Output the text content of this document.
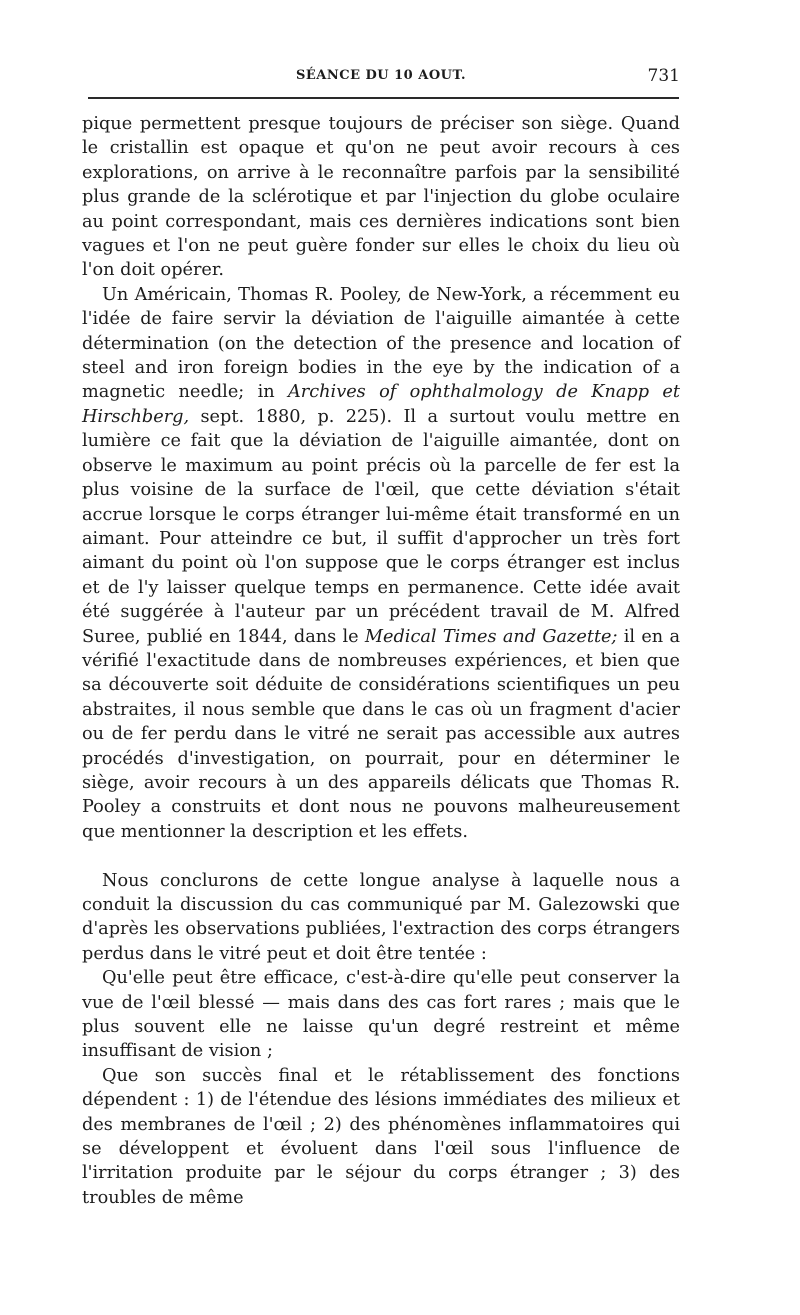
SÉANCE DU 10 AOUT.	731

pique permettent presque toujours de préciser son siège. Quand le cristallin est opaque et qu'on ne peut avoir recours à ces explorations, on arrive à le reconnaître parfois par la sensibilité plus grande de la sclérotique et par l'injection du globe oculaire au point correspondant, mais ces dernières indications sont bien vagues et l'on ne peut guère fonder sur elles le choix du lieu où l'on doit opérer.

Un Américain, Thomas R. Pooley, de New-York, a récemment eu l'idée de faire servir la déviation de l'aiguille aimantée à cette détermination (on the detection of the presence and location of steel and iron foreign bodies in the eye by the indication of a magnetic needle; in Archives of ophthalmology de Knapp et Hirschberg, sept. 1880, p. 225). Il a surtout voulu mettre en lumière ce fait que la déviation de l'aiguille aimantée, dont on observe le maximum au point précis où la parcelle de fer est la plus voisine de la surface de l'œil, que cette déviation s'était accrue lorsque le corps étranger lui-même était transformé en un aimant. Pour atteindre ce but, il suffit d'approcher un très fort aimant du point où l'on suppose que le corps étranger est inclus et de l'y laisser quelque temps en permanence. Cette idée avait été suggérée à l'auteur par un précédent travail de M. Alfred Suree, publié en 1844, dans le Medical Times and Gazette; il en a vérifié l'exactitude dans de nombreuses expériences, et bien que sa découverte soit déduite de considérations scientifiques un peu abstraites, il nous semble que dans le cas où un fragment d'acier ou de fer perdu dans le vitré ne serait pas accessible aux autres procédés d'investigation, on pourrait, pour en déterminer le siège, avoir recours à un des appareils délicats que Thomas R. Pooley a construits et dont nous ne pouvons malheureusement que mentionner la description et les effets.

Nous conclurons de cette longue analyse à laquelle nous a conduit la discussion du cas communiqué par M. Galezowski que d'après les observations publiées, l'extraction des corps étrangers perdus dans le vitré peut et doit être tentée :

Qu'elle peut être efficace, c'est-à-dire qu'elle peut conserver la vue de l'œil blessé — mais dans des cas fort rares ; mais que le plus souvent elle ne laisse qu'un degré restreint et même insuffisant de vision ;

Que son succès final et le rétablissement des fonctions dépendent : 1) de l'étendue des lésions immédiates des milieux et des membranes de l'œil ; 2) des phénomènes inflammatoires qui se développent et évoluent dans l'œil sous l'influence de l'irritation produite par le séjour du corps étranger ; 3) des troubles de même
